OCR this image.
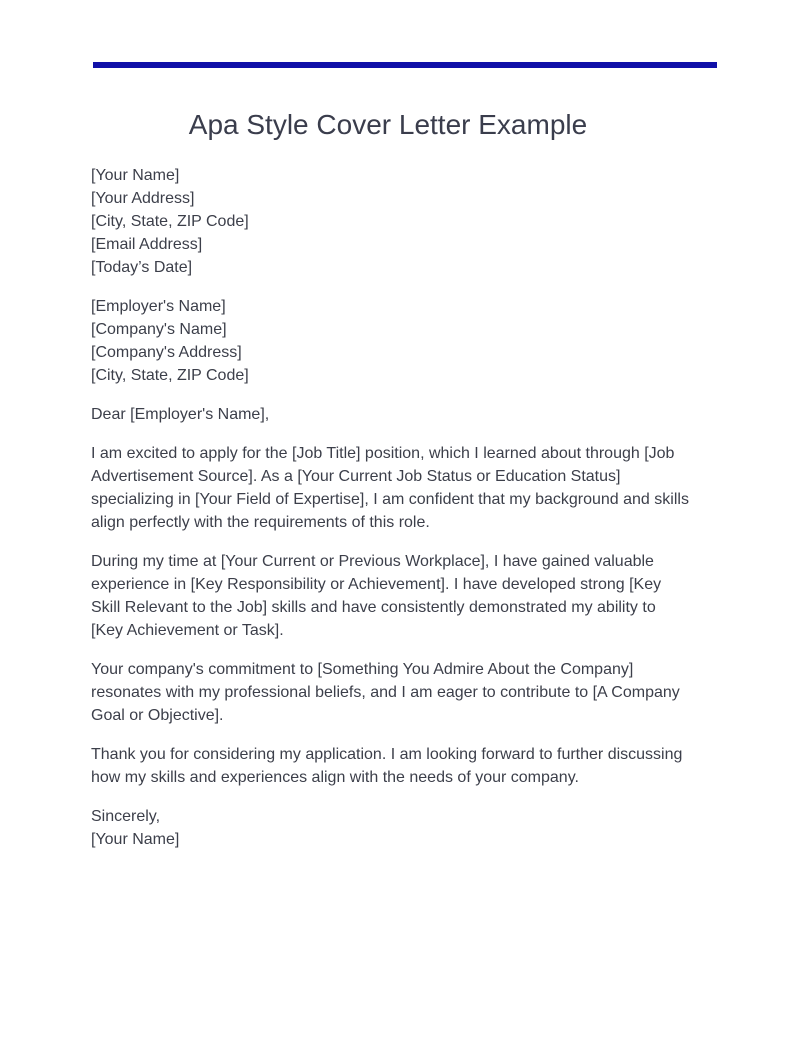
Apa Style Cover Letter Example
[Your Name]
[Your Address]
[City, State, ZIP Code]
[Email Address]
[Today’s Date]
[Employer's Name]
[Company's Name]
[Company's Address]
[City, State, ZIP Code]

Dear [Employer's Name],

I am excited to apply for the [Job Title] position, which I learned about through [Job Advertisement Source]. As a [Your Current Job Status or Education Status] specializing in [Your Field of Expertise], I am confident that my background and skills align perfectly with the requirements of this role.

During my time at [Your Current or Previous Workplace], I have gained valuable experience in [Key Responsibility or Achievement]. I have developed strong [Key Skill Relevant to the Job] skills and have consistently demonstrated my ability to [Key Achievement or Task].

Your company's commitment to [Something You Admire About the Company] resonates with my professional beliefs, and I am eager to contribute to [A Company Goal or Objective].

Thank you for considering my application. I am looking forward to further discussing how my skills and experiences align with the needs of your company.

Sincerely,
[Your Name]
